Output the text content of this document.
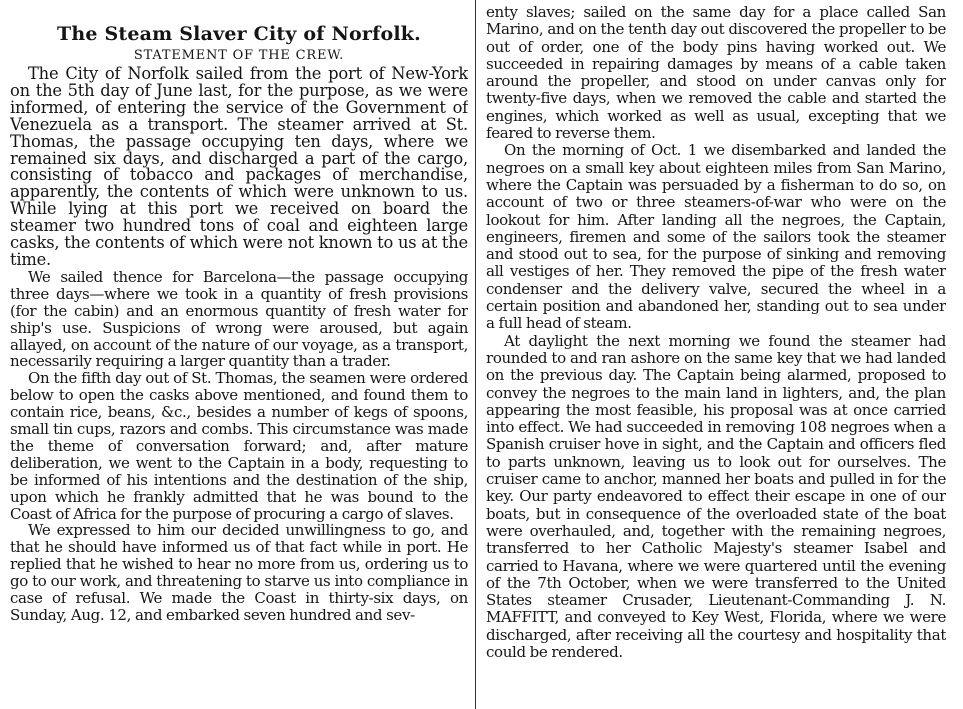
The Steam Slaver City of Norfolk.
STATEMENT OF THE CREW.

The City of Norfolk sailed from the port of New-York on the 5th day of June last, for the purpose, as we were informed, of entering the service of the Government of Venezuela as a transport. The steamer arrived at St. Thomas, the passage occupying ten days, where we remained six days, and discharged a part of the cargo, consisting of tobacco and packages of merchandise, apparently, the contents of which were unknown to us. While lying at this port we received on board the steamer two hundred tons of coal and eighteen large casks, the contents of which were not known to us at the time.

We sailed thence for Barcelona—the passage occupying three days—where we took in a quantity of fresh provisions (for the cabin) and an enormous quantity of fresh water for ship's use. Suspicions of wrong were aroused, but again allayed, on account of the nature of our voyage, as a transport, necessarily requiring a larger quantity than a trader.

On the fifth day out of St. Thomas, the seamen were ordered below to open the casks above mentioned, and found them to contain rice, beans, &c., besides a number of kegs of spoons, small tin cups, razors and combs. This circumstance was made the theme of conversation forward; and, after mature deliberation, we went to the Captain in a body, requesting to be informed of his intentions and the destination of the ship, upon which he frankly admitted that he was bound to the Coast of Africa for the purpose of procuring a cargo of slaves.

We expressed to him our decided unwillingness to go, and that he should have informed us of that fact while in port. He replied that he wished to hear no more from us, ordering us to go to our work, and threatening to starve us into compliance in case of refusal. We made the Coast in thirty-six days, on Sunday, Aug. 12, and embarked seven hundred and sev-

enty slaves; sailed on the same day for a place called San Marino, and on the tenth day out discovered the propeller to be out of order, one of the body pins having worked out. We succeeded in repairing damages by means of a cable taken around the propeller, and stood on under canvas only for twenty-five days, when we removed the cable and started the engines, which worked as well as usual, excepting that we feared to reverse them.

On the morning of Oct. 1 we disembarked and landed the negroes on a small key about eighteen miles from San Marino, where the Captain was persuaded by a fisherman to do so, on account of two or three steamers-of-war who were on the lookout for him. After landing all the negroes, the Captain, engineers, firemen and some of the sailors took the steamer and stood out to sea, for the purpose of sinking and removing all vestiges of her. They removed the pipe of the fresh water condenser and the delivery valve, secured the wheel in a certain position and abandoned her, standing out to sea under a full head of steam.

At daylight the next morning we found the steamer had rounded to and ran ashore on the same key that we had landed on the previous day. The Captain being alarmed, proposed to convey the negroes to the main land in lighters, and, the plan appearing the most feasible, his proposal was at once carried into effect. We had succeeded in removing 108 negroes when a Spanish cruiser hove in sight, and the Captain and officers fled to parts unknown, leaving us to look out for ourselves. The cruiser came to anchor, manned her boats and pulled in for the key. Our party endeavored to effect their escape in one of our boats, but in consequence of the overloaded state of the boat were overhauled, and, together with the remaining negroes, transferred to her Catholic Majesty's steamer Isabel and carried to Havana, where we were quartered until the evening of the 7th October, when we were transferred to the United States steamer Crusader, Lieutenant-Commanding J. N. MAFFITT, and conveyed to Key West, Florida, where we were discharged, after receiving all the courtesy and hospitality that could be rendered.
